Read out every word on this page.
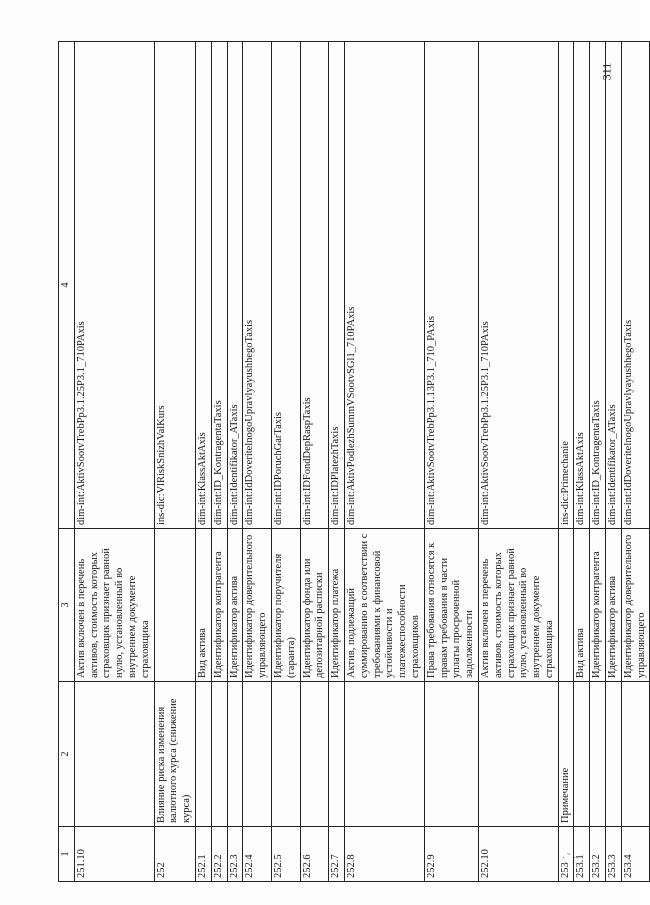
1	2	3	4
251.10		Актив включен в перечень активов, стоимость которых страховщик признает равной нулю, установленный во внутреннем документе страховщика	dim-int:AktivSootvTrebPp3.1.25P3.1_710PAxis
252	Влияние риска изменения валютного курса (снижение курса)		ins-dic:VlRiskSnizhValKurs
252.1		Вид актива	dim-int:KlassAktAxis
252.2		Идентификатор контрагента	dim-int:ID_KontragentaTaxis
252.3		Идентификатор актива	dim-int:Identifikator_ATaxis
252.4		Идентификатор доверительного управляющего	dim-int:IdDoveritelnogoUpravlyayushhegoTaxis
252.5		Идентификатор поручителя (гаранта)	dim-int:IDPoruchGarTaxis
252.6		Идентификатор фонда или депозитарной расписки	dim-int:IDFondDepRaspTaxis
252.7		Идентификатор платежа	dim-int:IDPlatezhTaxis
252.8		Актив, подлежащий суммированию в соответствии с требованиями к финансовой устойчивости и платежеспособности страховщиков	dim-int:AktivPodlezhSummVSootvSGl1_710PAxis
252.9		Права требования относятся к правам требования в части уплаты просроченной задолженности	dim-int:AktivSootvTrebPp3.1.13P3.1_710_PAxis
252.10		Актив включен в перечень активов, стоимость которых страховщик признает равной нулю, установленный во внутреннем документе страховщика	dim-int:AktivSootvTrebPp3.1.25P3.1_710PAxis
253	Примечание		ins-dic:Primechanie
253.1		Вид актива	dim-int:KlassAktAxis
253.2		Идентификатор контрагента	dim-int:ID_KontragentaTaxis
253.3		Идентификатор актива	dim-int:Identifikator_ATaxis
253.4		Идентификатор доверительного управляющего	dim-int:IdDoveritelnogoUpravlyayushhegoTaxis
311
· ˘ ·
